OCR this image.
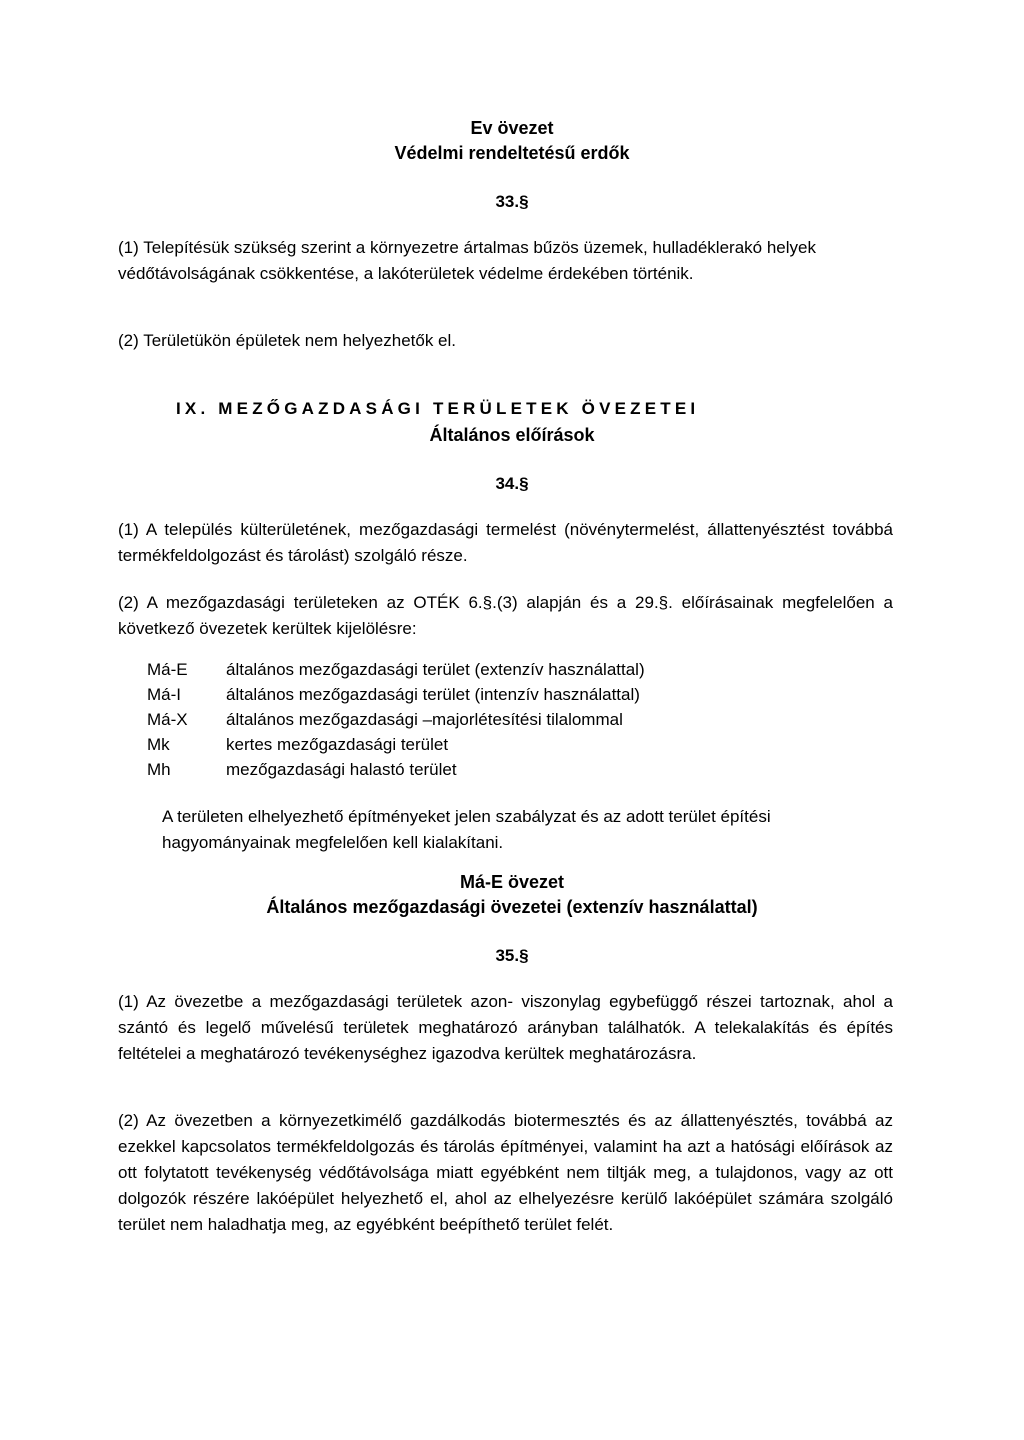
Ev övezet
Védelmi rendeltetésű erdők
33.§
(1) Telepítésük szükség szerint a környezetre ártalmas bűzös üzemek, hulladéklerakó helyek védőtávolságának csökkentése, a lakóterületek védelme érdekében történik.
(2) Területükön épületek nem helyezhetők el.
IX. MEZŐGAZDASÁGI TERÜLETEK ÖVEZETEI
Általános előírások
34.§
(1) A település külterületének, mezőgazdasági termelést (növénytermelést, állattenyésztést továbbá termékfeldolgozást és tárolást) szolgáló része.
(2) A mezőgazdasági területeken az OTÉK 6.§.(3) alapján és a 29.§. előírásainak megfelelően a következő övezetek kerültek kijelölésre:
Má-E általános mezőgazdasági terület (extenzív használattal)
Má-I	általános mezőgazdasági terület (intenzív használattal)
Má-X általános mezőgazdasági –majorlétesítési tilalommal
Mk	kertes mezőgazdasági terület
Mh	mezőgazdasági halastó terület
A területen elhelyezhető építményeket jelen szabályzat és az adott terület építési hagyományainak megfelelően kell kialakítani.
Má-E övezet
Általános mezőgazdasági övezetei (extenzív használattal)
35.§
(1) Az övezetbe a mezőgazdasági területek azon- viszonylag egybefüggő részei tartoznak, ahol a szántó és legelő művelésű területek meghatározó arányban találhatók. A telekalakítás és építés feltételei a meghatározó tevékenységhez igazodva kerültek meghatározásra.
(2) Az övezetben a környezetkimélő gazdálkodás biotermesztés és az állattenyésztés, továbbá az ezekkel kapcsolatos termékfeldolgozás és tárolás építményei, valamint ha azt a hatósági előírások az ott folytatott tevékenység védőtávolsága miatt egyébként nem tiltják meg, a tulajdonos, vagy az ott dolgozók részére lakóépület helyezhető el, ahol az elhelyezésre kerülő lakóépület számára szolgáló terület nem haladhatja meg, az egyébként beépíthető terület felét.
